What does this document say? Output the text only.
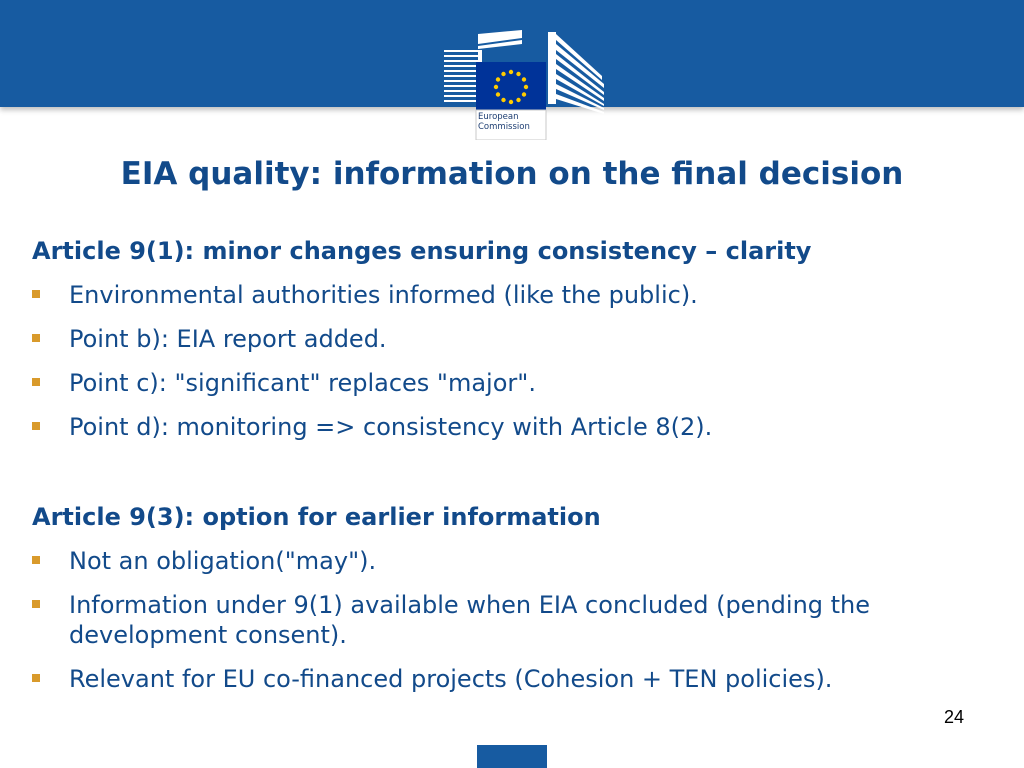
European
Commission
EIA quality: information on the final decision
Article 9(1): minor changes ensuring consistency – clarity
Environmental authorities informed (like the public).
Point b): EIA report added.
Point c): "significant" replaces "major".
Point d): monitoring => consistency with Article 8(2).
Article 9(3): option for earlier information
Not an obligation("may").
Information under 9(1) available when EIA concluded (pending the development consent).
Relevant for EU co-financed projects (Cohesion + TEN policies).
24
